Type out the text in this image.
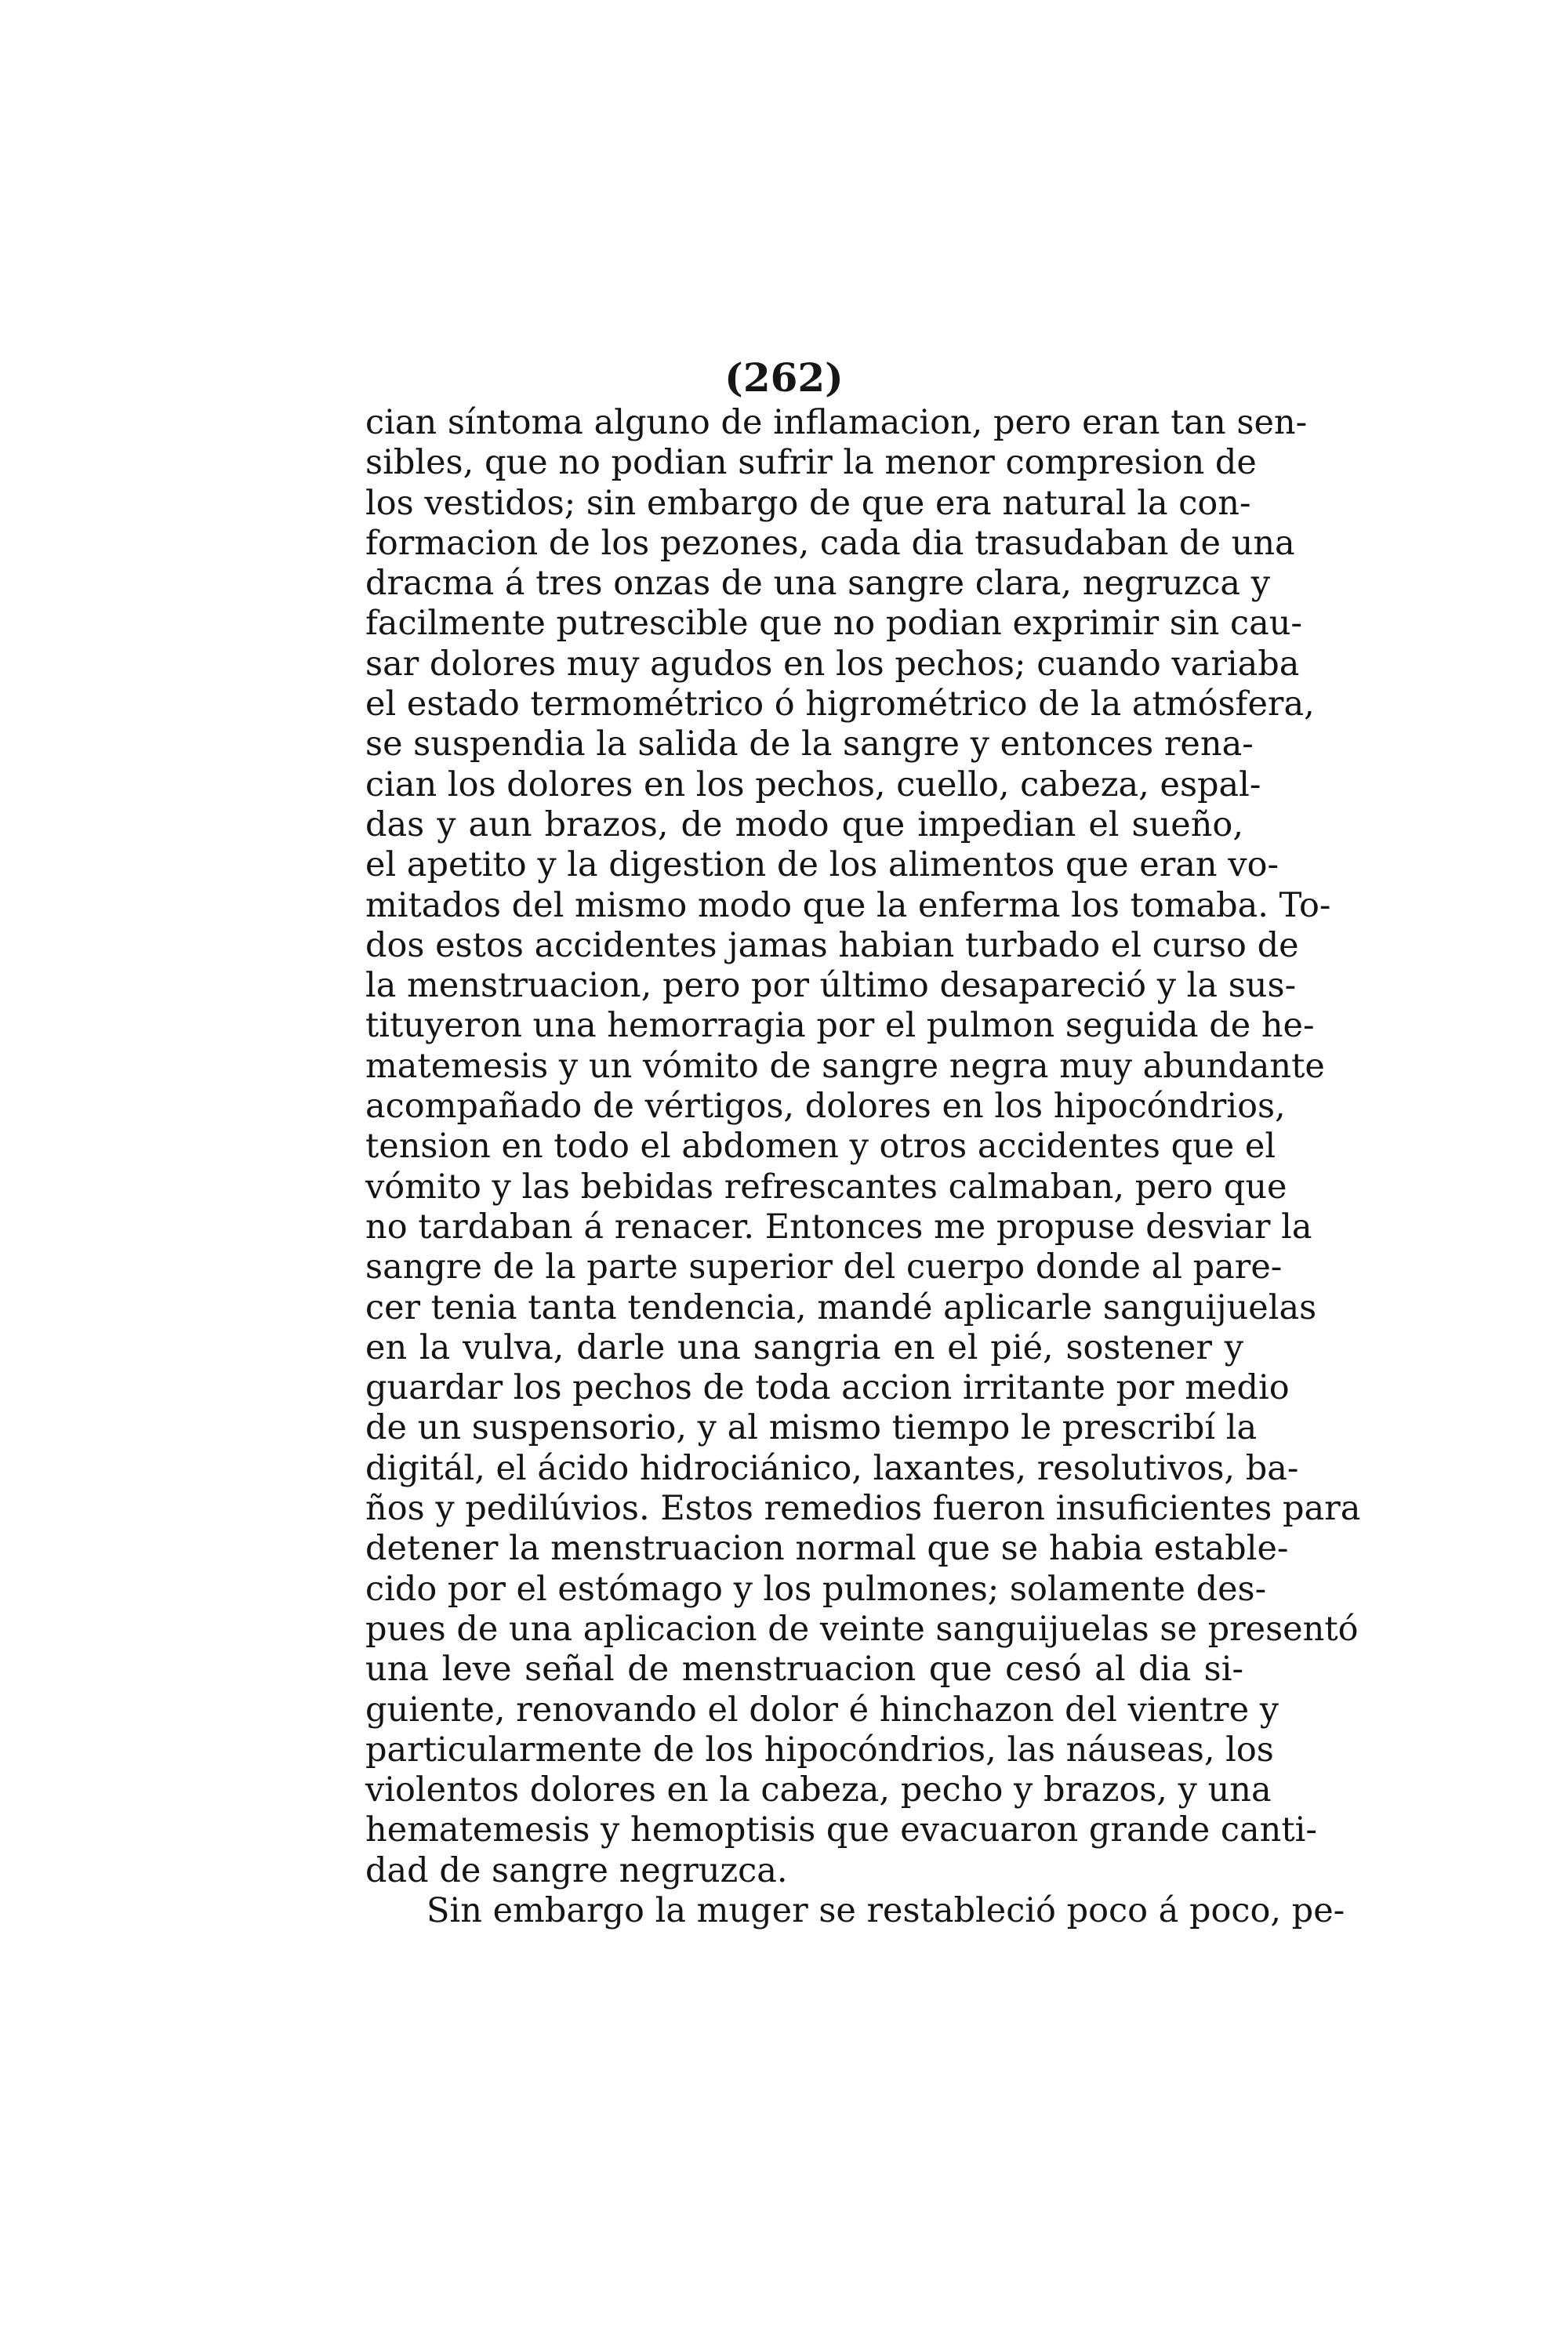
(262)
cian síntoma alguno de inflamacion, pero eran tan sen-
sibles, que no podian sufrir la menor compresion de
los vestidos; sin embargo de que era natural la con-
formacion de los pezones, cada dia trasudaban de una
dracma á tres onzas de una sangre clara, negruzca y
facilmente putrescible que no podian exprimir sin cau-
sar dolores muy agudos en los pechos; cuando variaba
el estado termométrico ó higrométrico de la atmósfera,
se suspendia la salida de la sangre y entonces rena-
cian los dolores en los pechos, cuello, cabeza, espal-
das y aun brazos, de modo que impedian el sueño,
el apetito y la digestion de los alimentos que eran vo-
mitados del mismo modo que la enferma los tomaba. To-
dos estos accidentes jamas habian turbado el curso de
la menstruacion, pero por último desapareció y la sus-
tituyeron una hemorragia por el pulmon seguida de he-
matemesis y un vómito de sangre negra muy abundante
acompañado de vértigos, dolores en los hipocóndrios,
tension en todo el abdomen y otros accidentes que el
vómito y las bebidas refrescantes calmaban, pero que
no tardaban á renacer. Entonces me propuse desviar la
sangre de la parte superior del cuerpo donde al pare-
cer tenia tanta tendencia, mandé aplicarle sanguijuelas
en la vulva, darle una sangria en el pié, sostener y
guardar los pechos de toda accion irritante por medio
de un suspensorio, y al mismo tiempo le prescribí la
digitál, el ácido hidrociánico, laxantes, resolutivos, ba-
ños y pedilúvios. Estos remedios fueron insuficientes para
detener la menstruacion normal que se habia estable-
cido por el estómago y los pulmones; solamente des-
pues de una aplicacion de veinte sanguijuelas se presentó
una leve señal de menstruacion que cesó al dia si-
guiente, renovando el dolor é hinchazon del vientre y
particularmente de los hipocóndrios, las náuseas, los
violentos dolores en la cabeza, pecho y brazos, y una
hematemesis y hemoptisis que evacuaron grande canti-
dad de sangre negruzca.
Sin embargo la muger se restableció poco á poco, pe-
